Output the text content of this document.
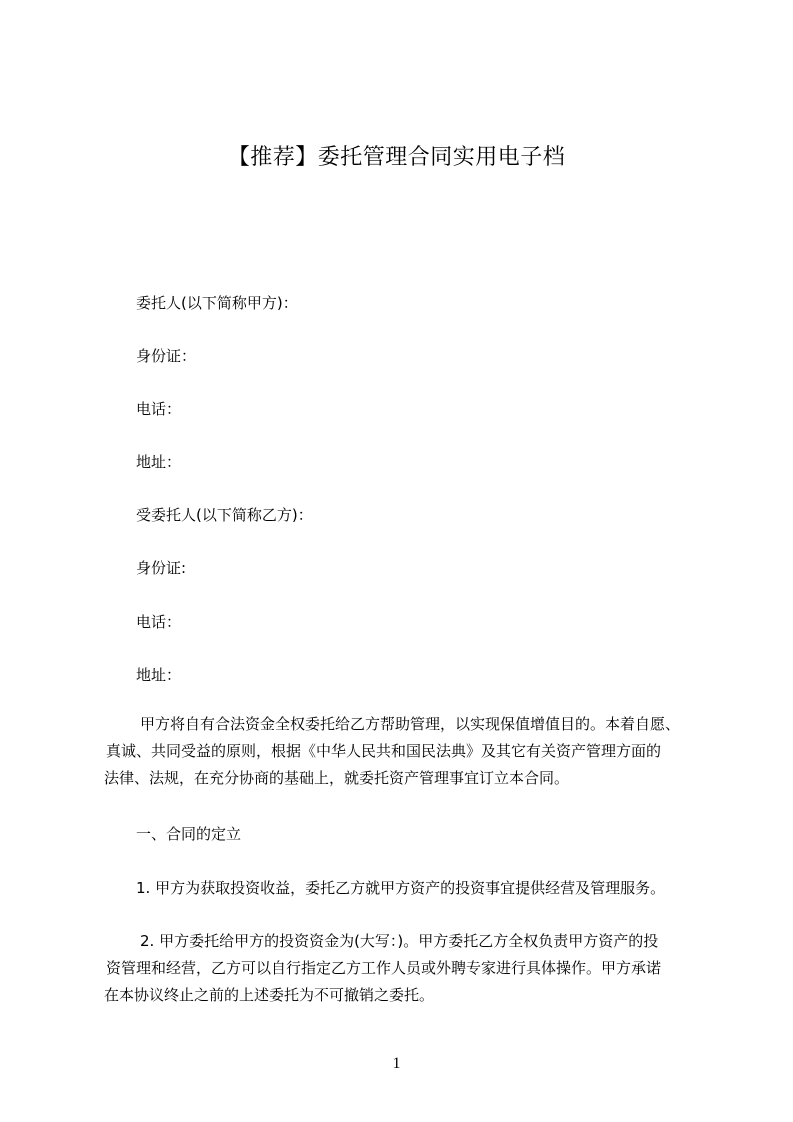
【推荐】委托管理合同实用电子档
委托人(以下简称甲方)：
身份证：
电话：
地址：
受委托人(以下简称乙方)：
身份证:
电话：
地址：
甲方将自有合法资金全权委托给乙方帮助管理，以实现保值增值目的。本着自愿、
真诚、共同受益的原则，根据《中华人民共和国民法典》及其它有关资产管理方面的
法律、法规，在充分协商的基础上，就委托资产管理事宜订立本合同。
一、合同的定立
1. 甲方为获取投资收益，委托乙方就甲方资产的投资事宜提供经营及管理服务。
2. 甲方委托给甲方的投资资金为(大写：)。甲方委托乙方全权负责甲方资产的投
资管理和经营，乙方可以自行指定乙方工作人员或外聘专家进行具体操作。甲方承诺
在本协议终止之前的上述委托为不可撤销之委托。
1
